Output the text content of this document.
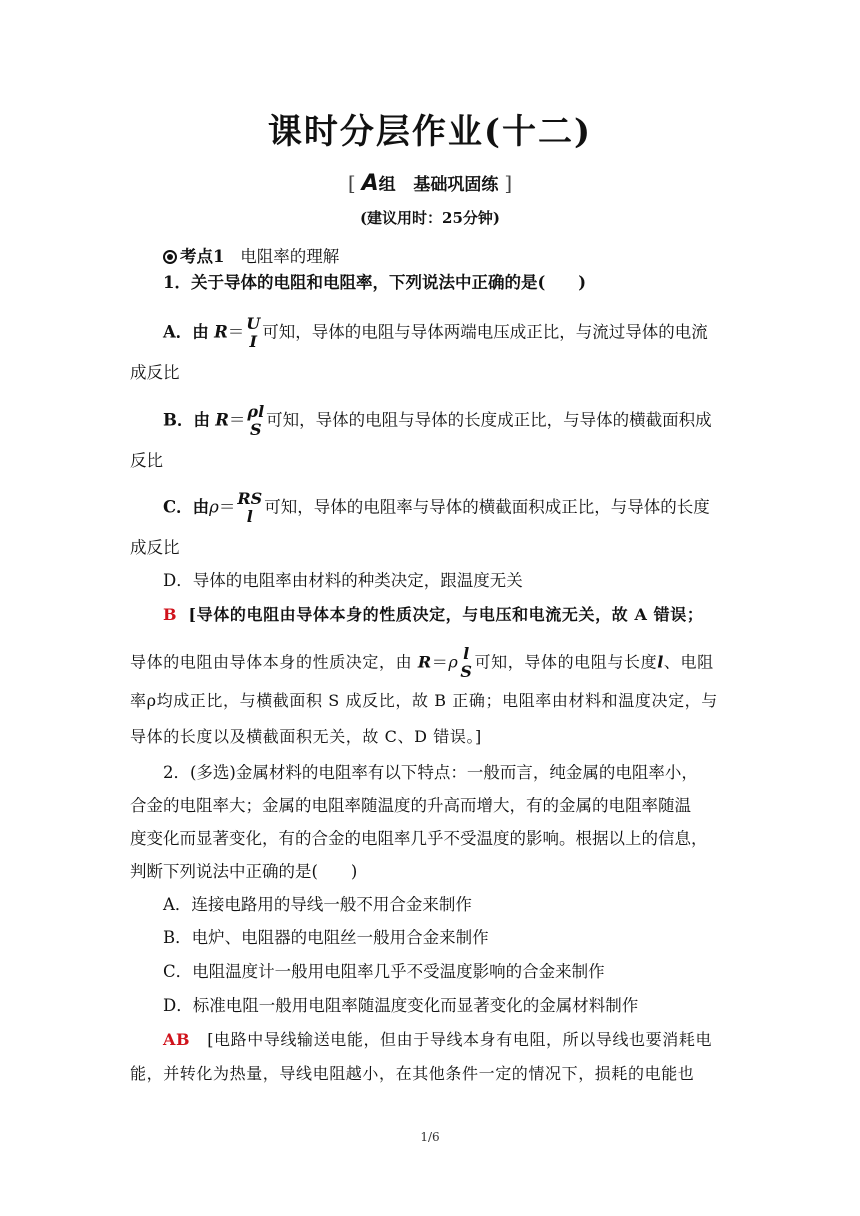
课时分层作业(十二)
[ A组 基础巩固练 ]
(建议用时：25分钟)
考点1 电阻率的理解
1．关于导体的电阻和电阻率，下列说法中正确的是(　　)
A．由 R＝ U
I 可知，导体的电阻与导体两端电压成正比，与流过导体的电流
成反比
B．由 R＝ ρl
S 可知，导体的电阻与导体的长度成正比，与导体的横截面积成
反比
C．由ρ＝ RS
l 可知，导体的电阻率与导体的横截面积成正比，与导体的长度
成反比
D．导体的电阻率由材料的种类决定，跟温度无关
B [导体的电阻由导体本身的性质决定，与电压和电流无关，故 A 错误；
导体的电阻由导体本身的性质决定，由 R＝ρ l
S 可知，导体的电阻与长度l、电阻
率ρ均成正比，与横截面积 S 成反比，故 B 正确；电阻率由材料和温度决定，与
导体的长度以及横截面积无关，故 C、D 错误。]
2．(多选)金属材料的电阻率有以下特点：一般而言，纯金属的电阻率小，
合金的电阻率大；金属的电阻率随温度的升高而增大，有的金属的电阻率随温
度变化而显著变化，有的合金的电阻率几乎不受温度的影响。根据以上的信息，
判断下列说法中正确的是(　　)
A．连接电路用的导线一般不用合金来制作
B．电炉、电阻器的电阻丝一般用合金来制作
C．电阻温度计一般用电阻率几乎不受温度影响的合金来制作
D．标准电阻一般用电阻率随温度变化而显著变化的金属材料制作
AB [电路中导线输送电能，但由于导线本身有电阻，所以导线也要消耗电
能，并转化为热量，导线电阻越小，在其他条件一定的情况下，损耗的电能也
1/6
